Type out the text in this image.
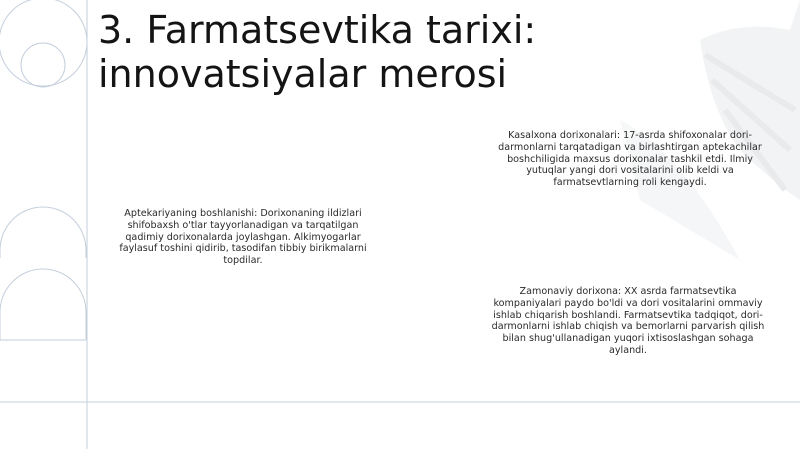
3. Farmatsevtika tarixi:
innovatsiyalar merosi

Aptekariyaning boshlanishi: Dorixonaning ildizlari shifobaxsh o'tlar tayyorlanadigan va tarqatilgan qadimiy dorixonalarda joylashgan. Alkimyogarlar faylasuf toshini qidirib, tasodifan tibbiy birikmalarni topdilar.

Kasalxona dorixonalari: 17-asrda shifoxonalar dori-darmonlarni tarqatadigan va birlashtirgan aptekachilar boshchiligida maxsus dorixonalar tashkil etdi. Ilmiy yutuqlar yangi dori vositalarini olib keldi va farmatsevtlarning roli kengaydi.

Zamonaviy dorixona: XX asrda farmatsevtika kompaniyalari paydo bo'ldi va dori vositalarini ommaviy ishlab chiqarish boshlandi. Farmatsevtika tadqiqot, dori-darmonlarni ishlab chiqish va bemorlarni parvarish qilish bilan shug'ullanadigan yuqori ixtisoslashgan sohaga aylandi.
